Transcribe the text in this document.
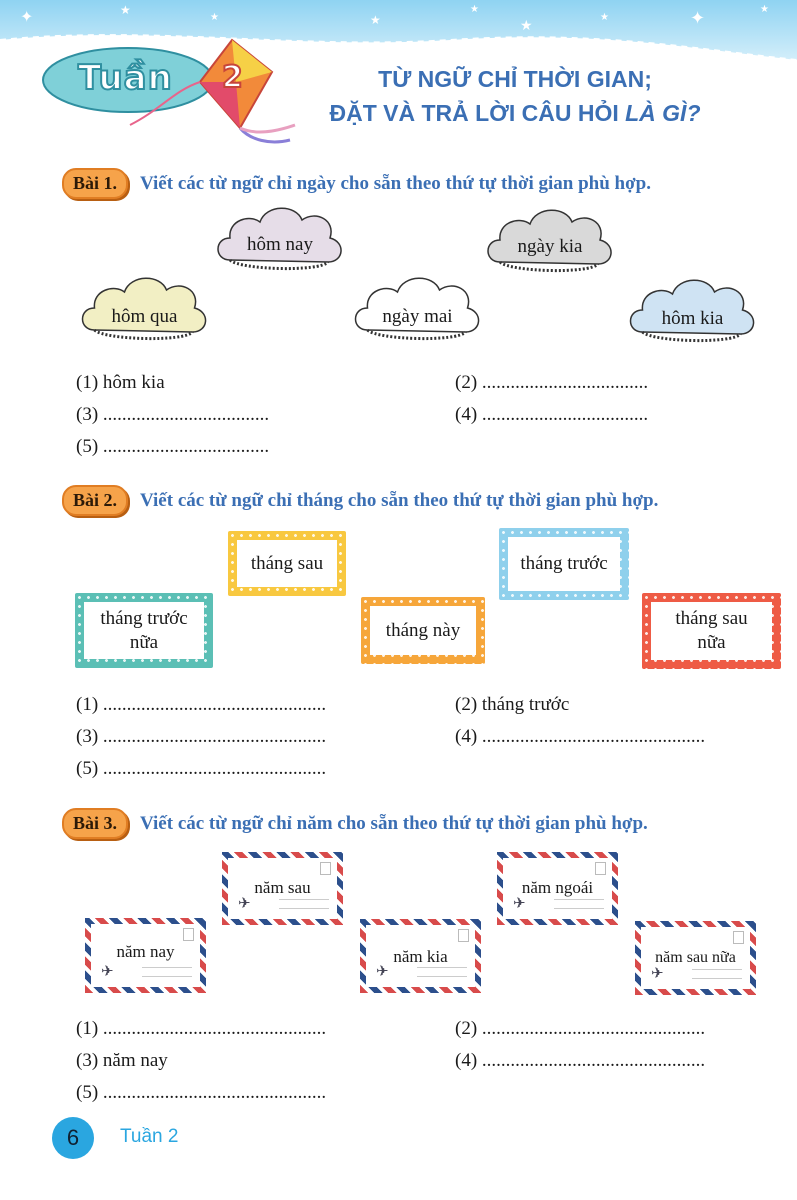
✦	★
★	★
★
★
★	✦	★
Tuần 2	TỪ NGỮ CHỈ THỜI GIAN;
ĐẶT VÀ TRẢ LỜI CÂU HỎI LÀ GÌ?
Bài 1.	Viết các từ ngữ chỉ ngày cho sẵn theo thứ tự thời gian phù hợp.
hôm nay	ngày kia
hôm qua	ngày mai	hôm kia
(1) hôm kia	(2) ...................................
(3) ...................................	(4) ...................................
(5) ...................................
Bài 2.	Viết các từ ngữ chỉ tháng cho sẵn theo thứ tự thời gian phù hợp.
tháng sau	tháng trước
tháng trước nữa
tháng này
tháng sau nữa
(1) ...............................................	(2) tháng trước
(3) ...............................................	(4) ...............................................
(5) ...............................................
Bài 3.	Viết các từ ngữ chỉ năm cho sẵn theo thứ tự thời gian phù hợp.
năm sau
✈
năm ngoái
✈
năm nay
✈
năm kia
✈
năm sau nữa
✈
(1) ...............................................	(2) ...............................................
(3) năm nay	(4) ...............................................
(5) ...............................................
6	Tuần 2
